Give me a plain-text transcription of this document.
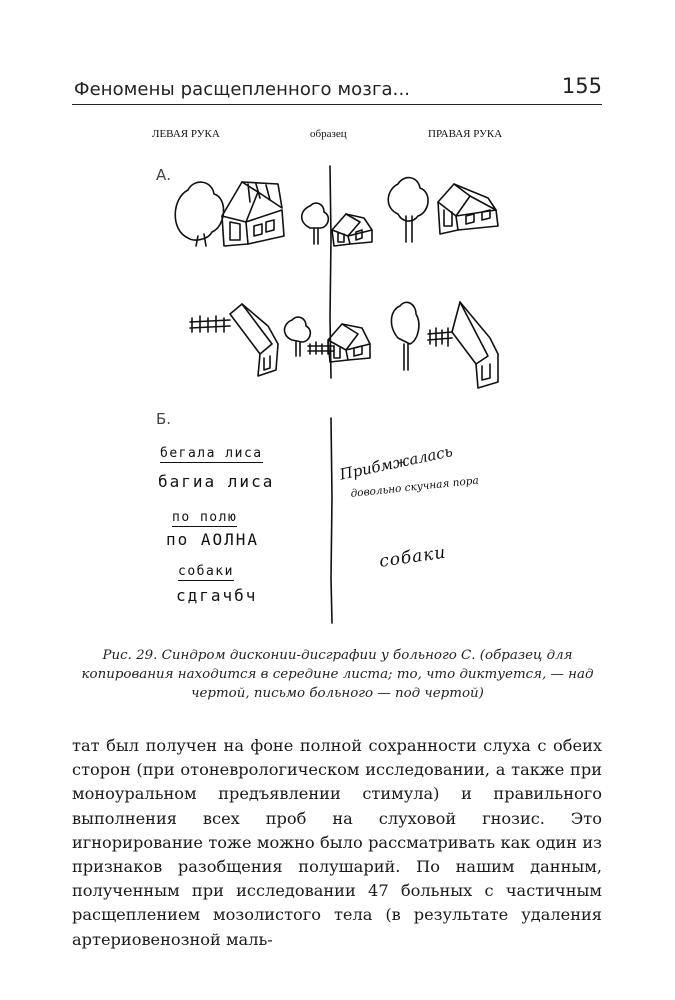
Феномены расщепленного мозга...	155
ЛЕВАЯ РУКА	образец	ПРАВАЯ РУКА
А.
Б.
бегала лиса
багиа лиса
по полю
по АОЛНА
собаки
сдгачбч
Прибмжалась
довольно скучная пора
собаки

Рис. 29. Синдром дисконии-дисграфии у больного С. (образец для копирования находится в середине листа; то, что диктуется, — над чертой, письмо больного — под чертой)

тат был получен на фоне полной сохранности слуха с обеих сторон (при отоневрологическом исследовании, а также при моноуральном предъявлении стимула) и правильного выполнения всех проб на слуховой гнозис. Это игнорирование тоже можно было рассматривать как один из признаков разобщения полушарий. По нашим данным, полученным при исследовании 47 больных с частичным расщеплением мозолистого тела (в результате удаления артериовенозной маль-
